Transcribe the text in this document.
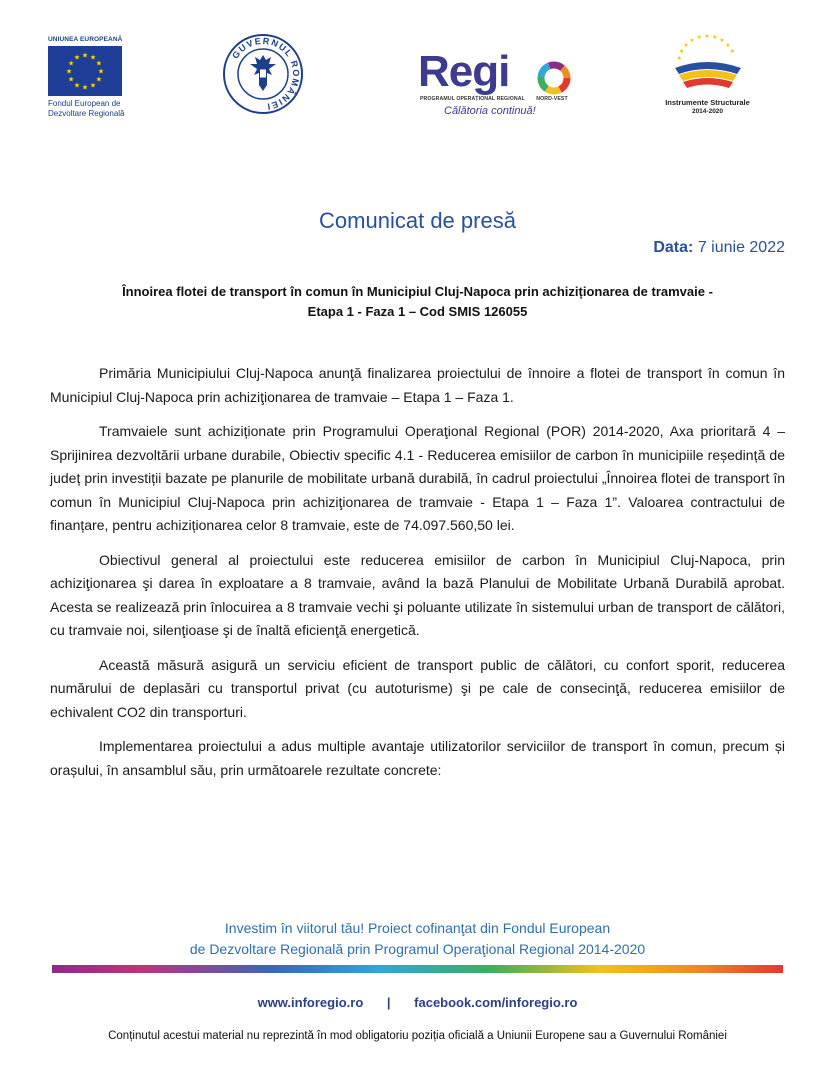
UNIUNEA EUROPEANĂ
★
★
★
★
★
★
★
★
★ ★ ★
★
Fondul European de
Dezvoltare Regională
GUVERNUL ROMÂNIEI
Regi
PROGRAMUL OPERAȚIONAL REGIONAL NORD-VEST
Călătoria continuă!
★
★
★
★
★ ★ ★
★
★
★
Instrumente Structurale
2014-2020
Comunicat de presă
Data: 7 iunie 2022
Înnoirea flotei de transport în comun în Municipiul Cluj-Napoca prin achiziționarea de tramvaie -
Etapa 1 - Faza 1 – Cod SMIS 126055

Primăria Municipiului Cluj-Napoca anunţă finalizarea proiectului de înnoire a flotei de transport în comun în Municipiul Cluj-Napoca prin achiziţionarea de tramvaie – Etapa 1 – Faza 1.

Tramvaiele sunt achiziționate prin Programului Operaţional Regional (POR) 2014-2020, Axa prioritară 4 – Sprijinirea dezvoltării urbane durabile, Obiectiv specific 4.1 - Reducerea emisiilor de carbon în municipiile reședință de județ prin investiții bazate pe planurile de mobilitate urbană durabilă, în cadrul proiectului „Înnoirea flotei de transport în comun în Municipiul Cluj-Napoca prin achiziţionarea de tramvaie - Etapa 1 – Faza 1”. Valoarea contractului de finanțare, pentru achiziționarea celor 8 tramvaie, este de 74.097.560,50 lei.

Obiectivul general al proiectului este reducerea emisiilor de carbon în Municipiul Cluj-Napoca, prin achiziţionarea şi darea în exploatare a 8 tramvaie, având la bază Planului de Mobilitate Urbană Durabilă aprobat. Acesta se realizează prin înlocuirea a 8 tramvaie vechi şi poluante utilizate în sistemului urban de transport de călători, cu tramvaie noi, silenţioase şi de înaltă eficienţă energetică.

Această măsură asigură un serviciu eficient de transport public de călători, cu confort sporit, reducerea numărului de deplasări cu transportul privat (cu autoturisme) şi pe cale de consecinţă, reducerea emisiilor de echivalent CO2 din transporturi.

Implementarea proiectului a adus multiple avantaje utilizatorilor serviciilor de transport în comun, precum și orașului, în ansamblul său, prin următoarele rezultate concrete:

Investim în viitorul tău! Proiect cofinanţat din Fondul European
de Dezvoltare Regională prin Programul Operaţional Regional 2014-2020
www.inforegio.ro | facebook.com/inforegio.ro
Conținutul acestui material nu reprezintă în mod obligatoriu poziția oficială a Uniunii Europene sau a Guvernului României
